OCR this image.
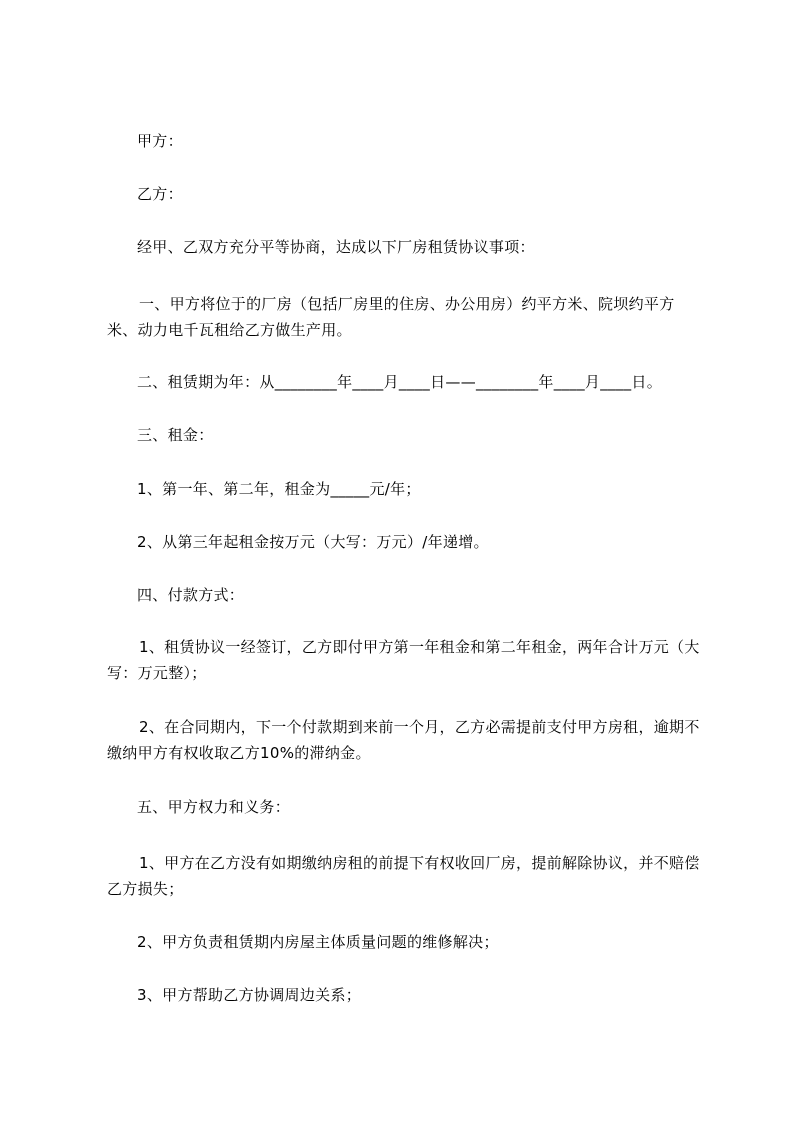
甲方：
乙方：
经甲、乙双方充分平等协商，达成以下厂房租赁协议事项：
一、甲方将位于的厂房（包括厂房里的住房、办公用房）约平方米、院坝约平方米、动力电千瓦租给乙方做生产用。
二、租赁期为年：从________年____月____日——________年____月____日。
三、租金：
1、第一年、第二年，租金为_____元/年；
2、从第三年起租金按万元（大写：万元）/年递增。
四、付款方式：
1、租赁协议一经签订，乙方即付甲方第一年租金和第二年租金，两年合计万元（大写：万元整）；
2、在合同期内，下一个付款期到来前一个月，乙方必需提前支付甲方房租，逾期不缴纳甲方有权收取乙方10%的滞纳金。
五、甲方权力和义务：
1、甲方在乙方没有如期缴纳房租的前提下有权收回厂房，提前解除协议，并不赔偿乙方损失；
2、甲方负责租赁期内房屋主体质量问题的维修解决；
3、甲方帮助乙方协调周边关系；
